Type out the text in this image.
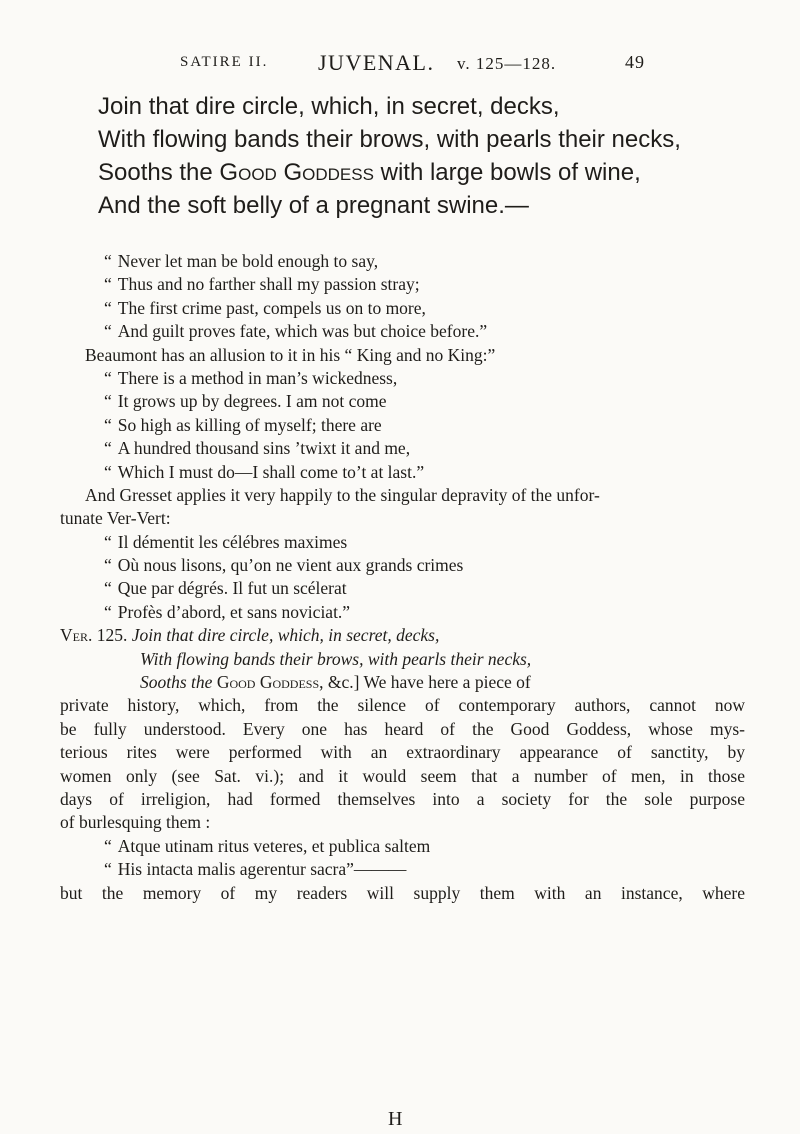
SATIRE II. JUVENAL. v. 125—128.	49
Join that dire circle, which, in secret, decks,
With flowing bands their brows, with pearls their necks,
Sooths the Good Goddess with large bowls of wine,
And the soft belly of a pregnant swine.—
“ Never let man be bold enough to say,
“ Thus and no farther shall my passion stray;
“ The first crime past, compels us on to more,
“ And guilt proves fate, which was but choice before.”
Beaumont has an allusion to it in his “ King and no King:”
“ There is a method in man’s wickedness,
“ It grows up by degrees. I am not come
“ So high as killing of myself; there are
“ A hundred thousand sins ’twixt it and me,
“ Which I must do—I shall come to’t at last.”
And Gresset applies it very happily to the singular depravity of the unfor-
tunate Ver-Vert:
“ Il démentit les célébres maximes
“ Où nous lisons, qu’on ne vient aux grands crimes
“ Que par dégrés. Il fut un scélerat
“ Profès d’abord, et sans noviciat.”
Ver. 125. Join that dire circle, which, in secret, decks,
With flowing bands their brows, with pearls their necks,
Sooths the Good Goddess, &c.] We have here a piece of
private history, which, from the silence of contemporary authors, cannot now
be fully understood. Every one has heard of the Good Goddess, whose mys-
terious rites were performed with an extraordinary appearance of sanctity, by
women only (see Sat. vi.); and it would seem that a number of men, in those
days of irreligion, had formed themselves into a society for the sole purpose
of burlesquing them :
“ Atque utinam ritus veteres, et publica saltem
“ His intacta malis agerentur sacra”———
but the memory of my readers will supply them with an instance, where
H
